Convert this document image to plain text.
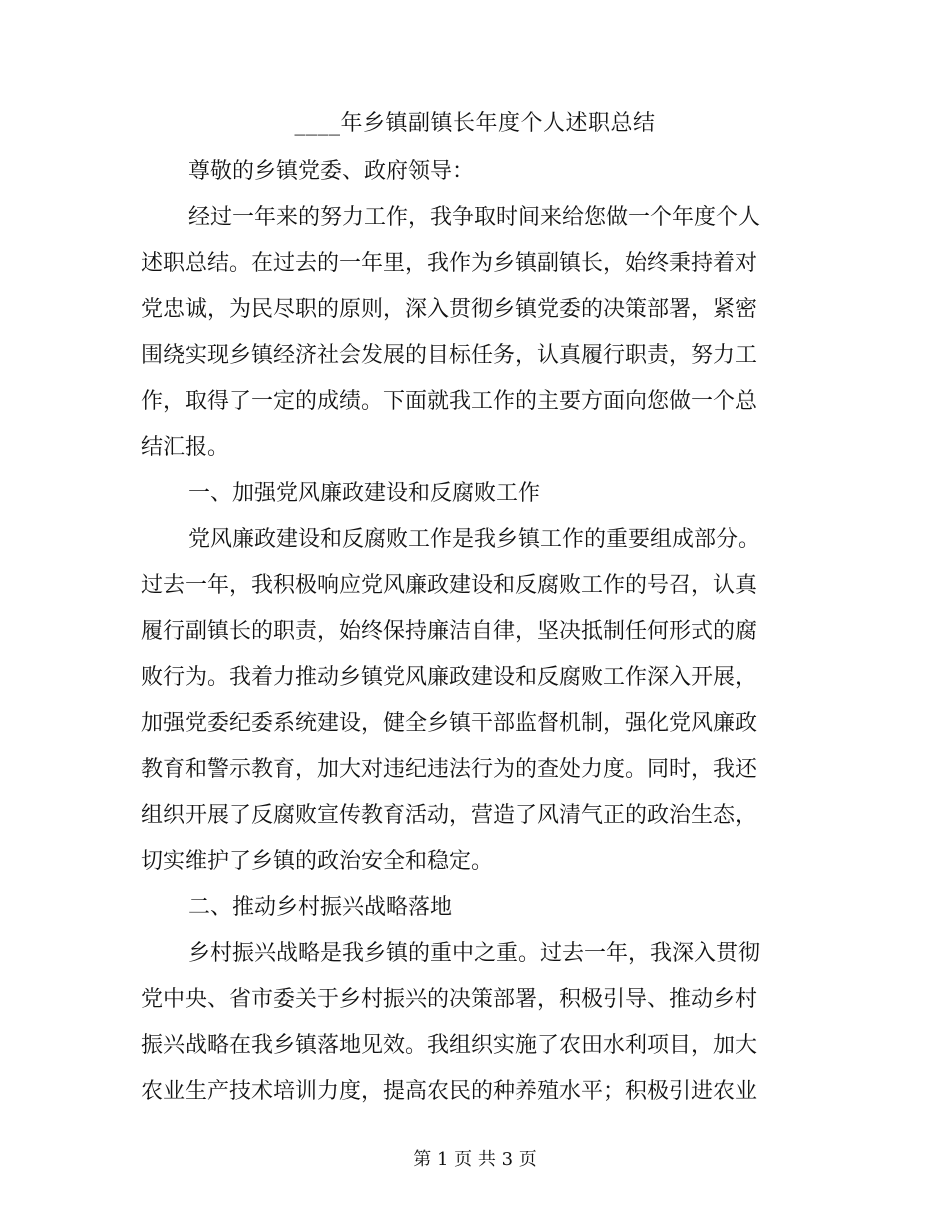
____年乡镇副镇长年度个人述职总结
尊敬的乡镇党委、政府领导：
经过一年来的努力工作，我争取时间来给您做一个年度个人
述职总结。在过去的一年里，我作为乡镇副镇长，始终秉持着对
党忠诚，为民尽职的原则，深入贯彻乡镇党委的决策部署，紧密
围绕实现乡镇经济社会发展的目标任务，认真履行职责，努力工
作，取得了一定的成绩。下面就我工作的主要方面向您做一个总
结汇报。
一、加强党风廉政建设和反腐败工作
党风廉政建设和反腐败工作是我乡镇工作的重要组成部分。
过去一年，我积极响应党风廉政建设和反腐败工作的号召，认真
履行副镇长的职责，始终保持廉洁自律，坚决抵制任何形式的腐
败行为。我着力推动乡镇党风廉政建设和反腐败工作深入开展，
加强党委纪委系统建设，健全乡镇干部监督机制，强化党风廉政
教育和警示教育，加大对违纪违法行为的查处力度。同时，我还
组织开展了反腐败宣传教育活动，营造了风清气正的政治生态，
切实维护了乡镇的政治安全和稳定。
二、推动乡村振兴战略落地
乡村振兴战略是我乡镇的重中之重。过去一年，我深入贯彻
党中央、省市委关于乡村振兴的决策部署，积极引导、推动乡村
振兴战略在我乡镇落地见效。我组织实施了农田水利项目，加大
农业生产技术培训力度，提高农民的种养殖水平；积极引进农业
第 1 页 共 3 页
